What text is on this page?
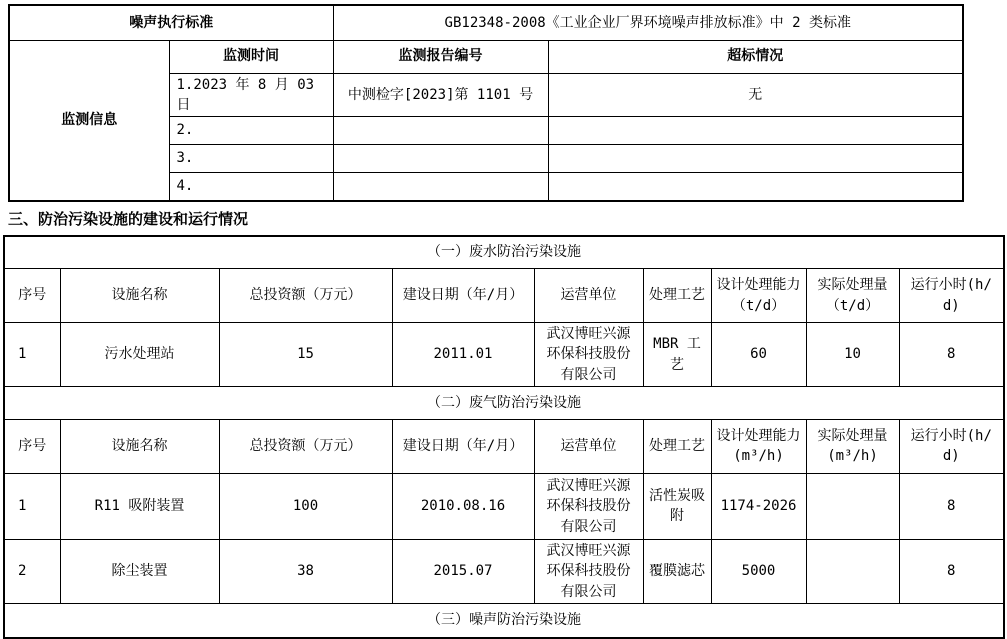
噪声执行标准		GB12348-2008《工业企业厂界环境噪声排放标准》中 2 类标准	
监测信息	监测时间	监测报告编号	超标情况
	1.2023 年 8 月 03 日	中测检字[2023]第 1101 号	无
	2.		
	3.		
	4.		
三、防治污染设施的建设和运行情况
（一）废水防治污染设施								
序号	设施名称	总投资额（万元）	建设日期（年/月）	运营单位	处理工艺	设计处理能力（t/d）	实际处理量（t/d）	运行小时(h/d)
1	污水处理站	15	2011.01	武汉博旺兴源环保科技股份有限公司	MBR 工艺	60	10	8
（二）废气防治污染设施								
序号	设施名称	总投资额（万元）	建设日期（年/月）	运营单位	处理工艺	设计处理能力(m³/h)	实际处理量(m³/h)	运行小时(h/d)
1	R11 吸附装置	100	2010.08.16	武汉博旺兴源环保科技股份有限公司	活性炭吸附	1174-2026		8
2	除尘装置	38	2015.07	武汉博旺兴源环保科技股份有限公司	覆膜滤芯	5000		8
（三）噪声防治污染设施								
